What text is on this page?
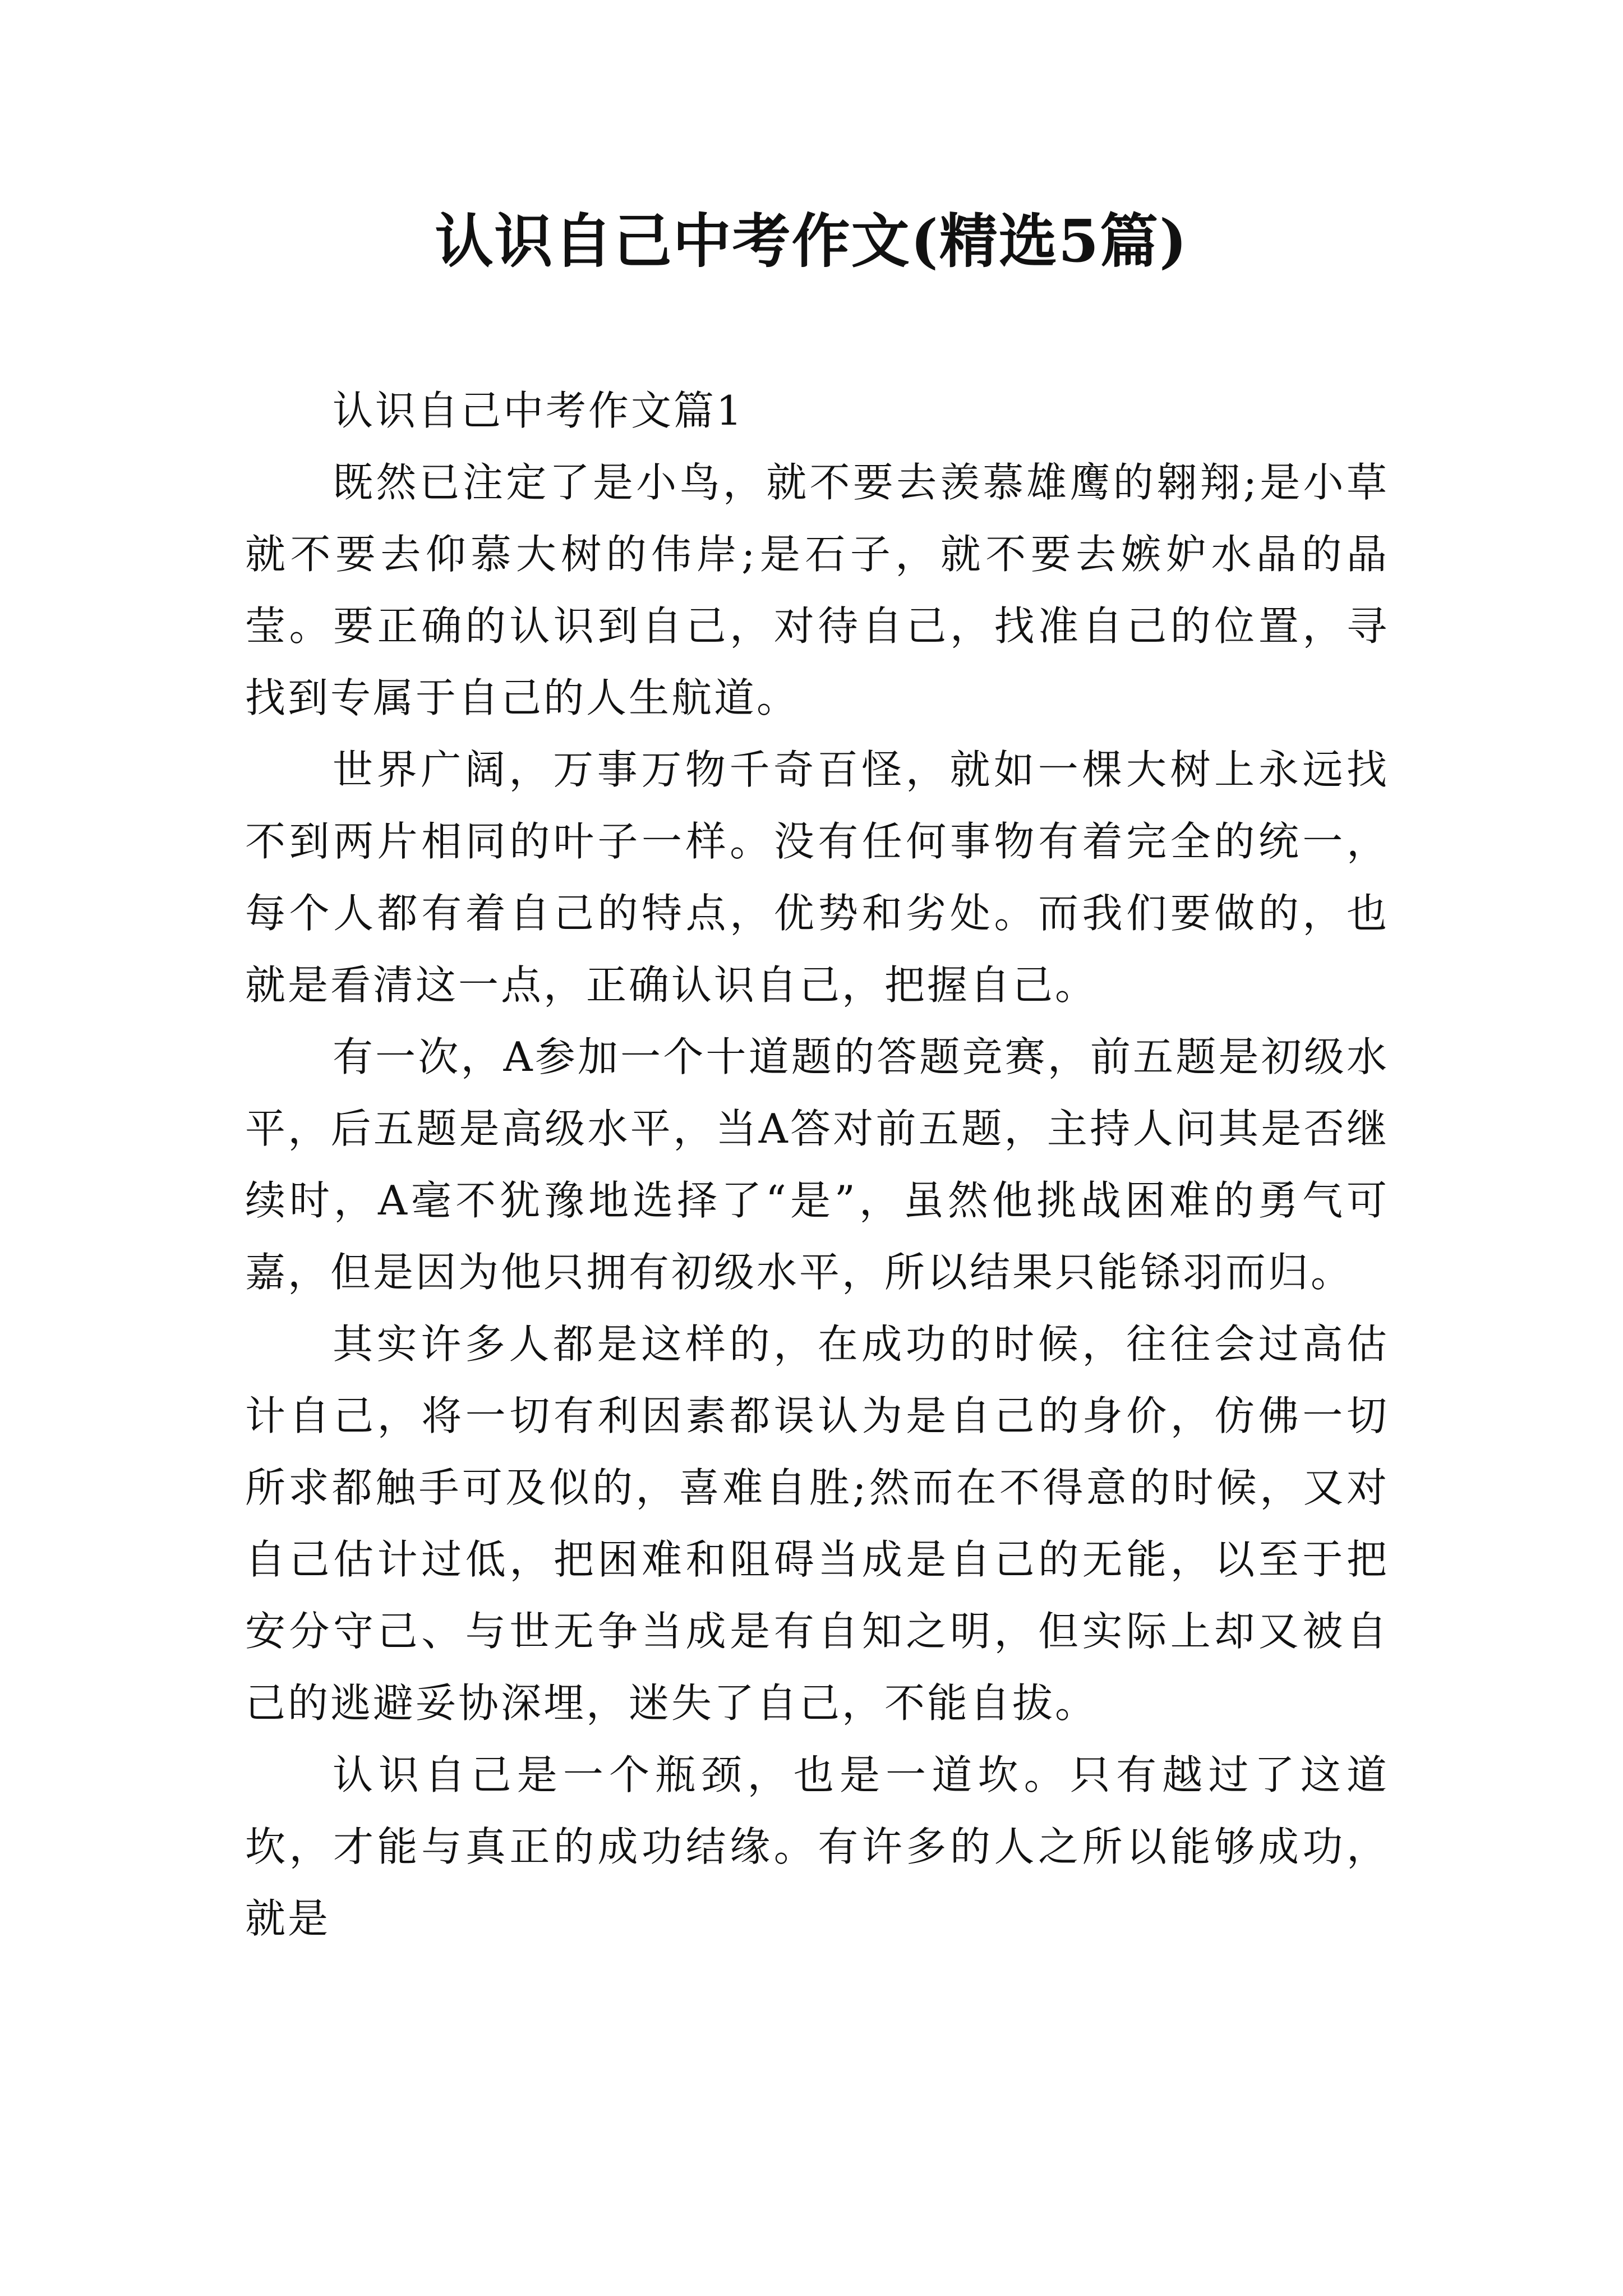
认识自己中考作文(精选5篇)

认识自己中考作文篇1

既然已注定了是小鸟，就不要去羡慕雄鹰的翱翔;是小草就不要去仰慕大树的伟岸;是石子，就不要去嫉妒水晶的晶莹。要正确的认识到自己，对待自己，找准自己的位置，寻找到专属于自己的人生航道。

世界广阔，万事万物千奇百怪，就如一棵大树上永远找不到两片相同的叶子一样。没有任何事物有着完全的统一，每个人都有着自己的特点，优势和劣处。而我们要做的，也就是看清这一点，正确认识自己，把握自己。

有一次，A参加一个十道题的答题竞赛，前五题是初级水平，后五题是高级水平，当A答对前五题，主持人问其是否继续时，A毫不犹豫地选择了“是”，虽然他挑战困难的勇气可嘉，但是因为他只拥有初级水平，所以结果只能铩羽而归。

其实许多人都是这样的，在成功的时候，往往会过高估计自己，将一切有利因素都误认为是自己的身价，仿佛一切所求都触手可及似的，喜难自胜;然而在不得意的时候，又对自己估计过低，把困难和阻碍当成是自己的无能，以至于把安分守己、与世无争当成是有自知之明，但实际上却又被自己的逃避妥协深埋，迷失了自己，不能自拔。

认识自己是一个瓶颈，也是一道坎。只有越过了这道坎，才能与真正的成功结缘。有许多的人之所以能够成功，就是
